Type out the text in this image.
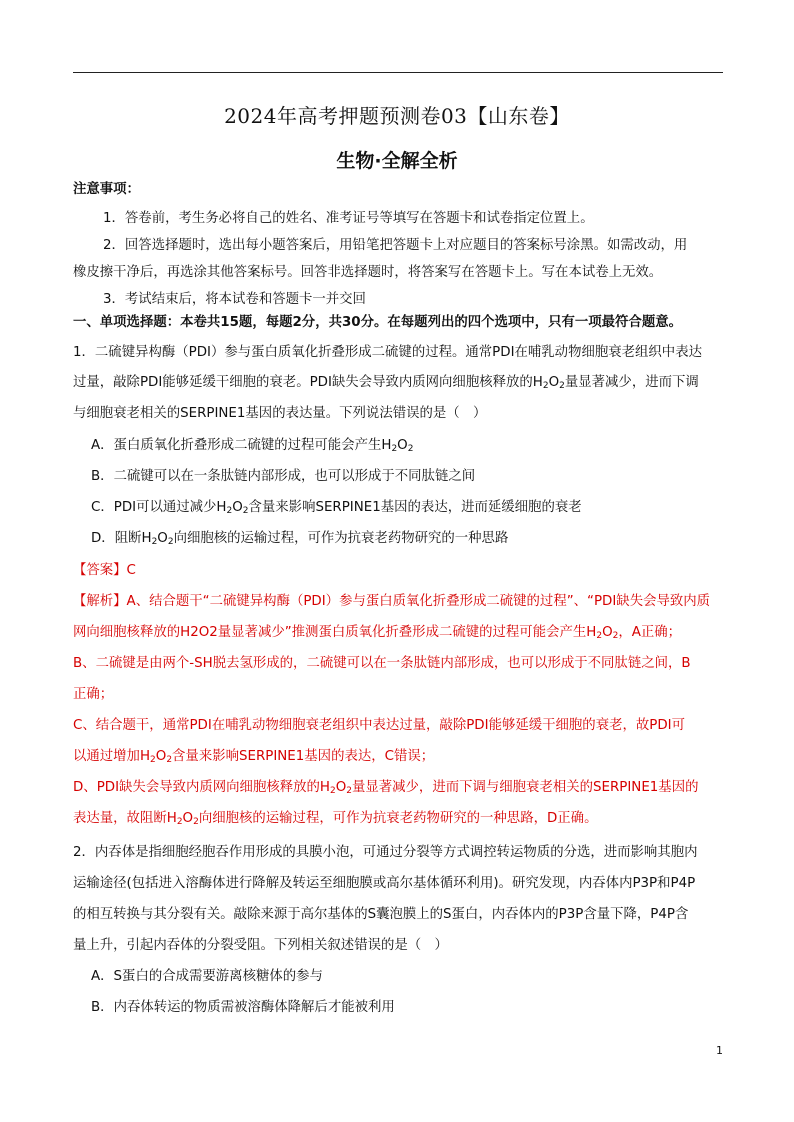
2024年高考押题预测卷03【山东卷】
生物·全解全析
注意事项：
1．答卷前，考生务必将自己的姓名、准考证号等填写在答题卡和试卷指定位置上。
2．回答选择题时，选出每小题答案后，用铅笔把答题卡上对应题目的答案标号涂黑。如需改动，用
橡皮擦干净后，再选涂其他答案标号。回答非选择题时，将答案写在答题卡上。写在本试卷上无效。
3．考试结束后，将本试卷和答题卡一并交回
一、单项选择题：本卷共15题，每题2分，共30分。在每题列出的四个选项中，只有一项最符合题意。
1．二硫键异构酶（PDI）参与蛋白质氧化折叠形成二硫键的过程。通常PDI在哺乳动物细胞衰老组织中表达
过量，敲除PDI能够延缓干细胞的衰老。PDI缺失会导致内质网向细胞核释放的$H_2O_2$量显著减少，进而下调
与细胞衰老相关的SERPINE1基因的表达量。下列说法错误的是（　）
A．蛋白质氧化折叠形成二硫键的过程可能会产生$H_2O_2$
B．二硫键可以在一条肽链内部形成，也可以形成于不同肽链之间
C．PDI可以通过减少$H_2O_2$含量来影响SERPINE1基因的表达，进而延缓细胞的衰老
D．阻断$H_2O_2$向细胞核的运输过程，可作为抗衰老药物研究的一种思路
【答案】C
【解析】A、结合题干“二硫键异构酶（PDI）参与蛋白质氧化折叠形成二硫键的过程”、“PDI缺失会导致内质
网向细胞核释放的H2O2量显著减少”推测蛋白质氧化折叠形成二硫键的过程可能会产生$H_2O_2$，A正确；
B、二硫键是由两个-SH脱去氢形成的，二硫键可以在一条肽链内部形成，也可以形成于不同肽链之间，B
正确；
C、结合题干，通常PDI在哺乳动物细胞衰老组织中表达过量，敲除PDI能够延缓干细胞的衰老，故PDI可
以通过增加$H_2O_2$含量来影响SERPINE1基因的表达，C错误；
D、PDI缺失会导致内质网向细胞核释放的$H_2O_2$量显著减少，进而下调与细胞衰老相关的SERPINE1基因的
表达量，故阻断$H_2O_2$向细胞核的运输过程，可作为抗衰老药物研究的一种思路，D正确。
2．内吞体是指细胞经胞吞作用形成的具膜小泡，可通过分裂等方式调控转运物质的分选，进而影响其胞内
运输途径(包括进入溶酶体进行降解及转运至细胞膜或高尔基体循环利用)。研究发现，内吞体内P3P和P4P
的相互转换与其分裂有关。敲除来源于高尔基体的S囊泡膜上的S蛋白，内吞体内的P3P含量下降，P4P含
量上升，引起内吞体的分裂受阻。下列相关叙述错误的是（　）
A．S蛋白的合成需要游离核糖体的参与
B．内吞体转运的物质需被溶酶体降解后才能被利用
1
